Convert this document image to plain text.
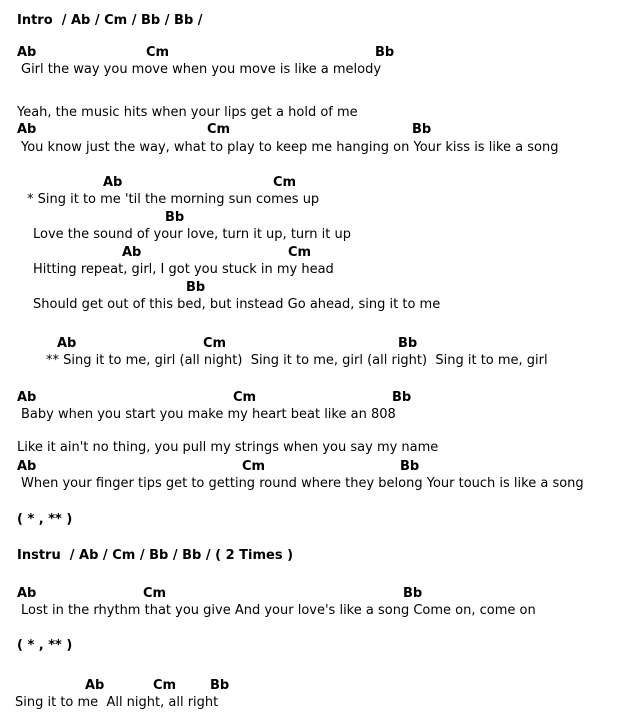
Intro  / Ab / Cm / Bb / Bb /
Ab	Cm	Bb
Girl the way you move when you move is like a melody
Yeah, the music hits when your lips get a hold of me
Ab	Cm	Bb
You know just the way, what to play to keep me hanging on Your kiss is like a song
Ab	Cm
* Sing it to me 'til the morning sun comes up
Bb
Love the sound of your love, turn it up, turn it up
Ab	Cm
Hitting repeat, girl, I got you stuck in my head
Bb
Should get out of this bed, but instead Go ahead, sing it to me
Ab	Cm	Bb
** Sing it to me, girl (all night)  Sing it to me, girl (all right)  Sing it to me, girl
Ab	Cm	Bb
Baby when you start you make my heart beat like an 808
Like it ain't no thing, you pull my strings when you say my name
Ab	Cm	Bb
When your finger tips get to getting round where they belong Your touch is like a song
( * , ** )
Instru  / Ab / Cm / Bb / Bb / ( 2 Times )
Ab	Cm	Bb
Lost in the rhythm that you give And your love's like a song Come on, come on
( * , ** )
Ab	Cm	Bb
Sing it to me  All night, all right
